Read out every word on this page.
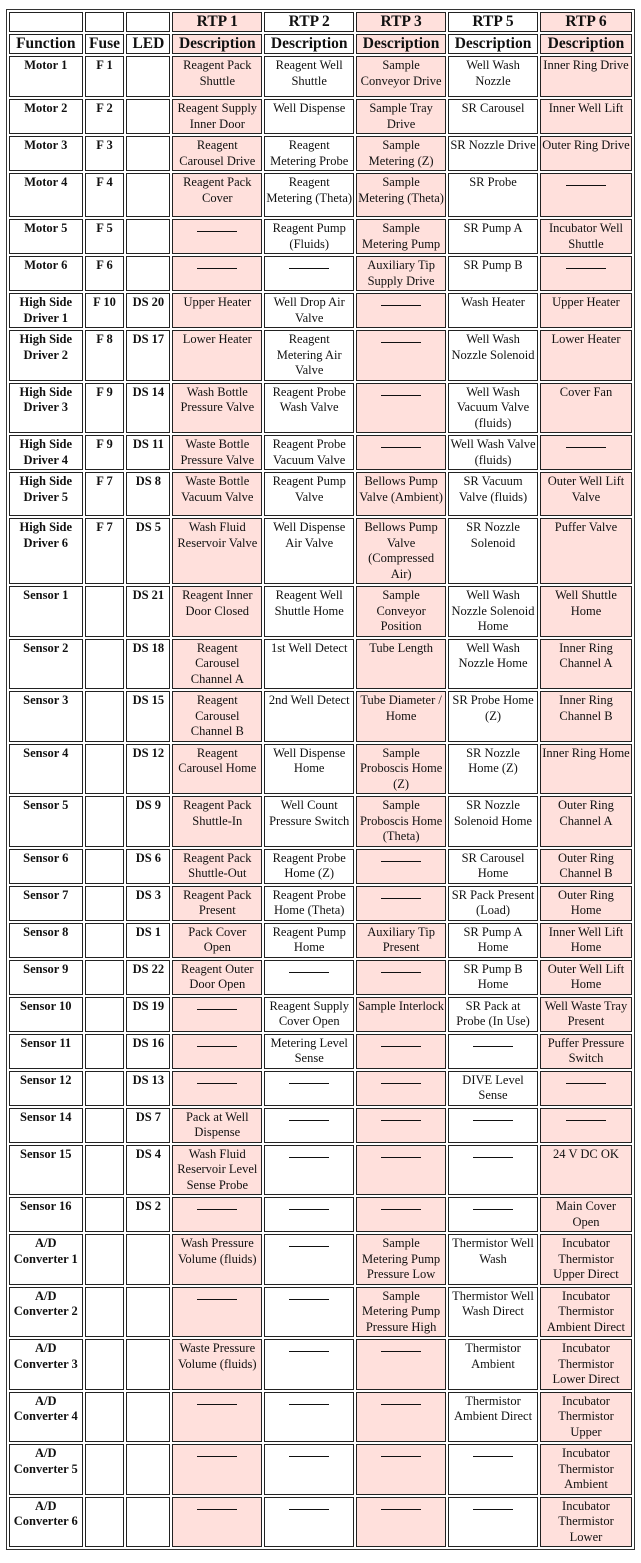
			RTP 1	RTP 2	RTP 3	RTP 5	RTP 6
Function	Fuse	LED	Description	Description	Description	Description	Description
Motor 1	F 1		Reagent Pack Shuttle	Reagent Well Shuttle	Sample Conveyor Drive	Well Wash Nozzle	Inner Ring Drive
Motor 2	F 2		Reagent Supply Inner Door	Well Dispense	Sample Tray Drive	SR Carousel	Inner Well Lift
Motor 3	F 3		Reagent Carousel Drive	Reagent Metering Probe	Sample Metering (Z)	SR Nozzle Drive	Outer Ring Drive
Motor 4	F 4		Reagent Pack Cover	Reagent Metering (Theta)	Sample Metering (Theta)	SR Probe	
Motor 5	F 5			Reagent Pump (Fluids)	Sample Metering Pump	SR Pump A	Incubator Well Shuttle
Motor 6	F 6				Auxiliary Tip Supply Drive	SR Pump B	
High Side Driver 1	F 10	DS 20	Upper Heater	Well Drop Air Valve		Wash Heater	Upper Heater
High Side Driver 2	F 8	DS 17	Lower Heater	Reagent Metering Air Valve		Well Wash Nozzle Solenoid	Lower Heater
High Side Driver 3	F 9	DS 14	Wash Bottle Pressure Valve	Reagent Probe Wash Valve		Well Wash Vacuum Valve (fluids)	Cover Fan
High Side Driver 4	F 9	DS 11	Waste Bottle Pressure Valve	Reagent Probe Vacuum Valve		Well Wash Valve (fluids)	
High Side Driver 5	F 7	DS 8	Waste Bottle Vacuum Valve	Reagent Pump Valve	Bellows Pump Valve (Ambient)	SR Vacuum Valve (fluids)	Outer Well Lift Valve
High Side Driver 6	F 7	DS 5	Wash Fluid Reservoir Valve	Well Dispense Air Valve	Bellows Pump Valve (Compressed Air)	SR Nozzle Solenoid	Puffer Valve
Sensor 1		DS 21	Reagent Inner Door Closed	Reagent Well Shuttle Home	Sample Conveyor Position	Well Wash Nozzle Solenoid Home	Well Shuttle Home
Sensor 2		DS 18	Reagent Carousel Channel A	1st Well Detect	Tube Length	Well Wash Nozzle Home	Inner Ring Channel A
Sensor 3		DS 15	Reagent Carousel Channel B	2nd Well Detect	Tube Diameter / Home	SR Probe Home (Z)	Inner Ring Channel B
Sensor 4		DS 12	Reagent Carousel Home	Well Dispense Home	Sample Proboscis Home (Z)	SR Nozzle Home (Z)	Inner Ring Home
Sensor 5		DS 9	Reagent Pack Shuttle-In	Well Count Pressure Switch	Sample Proboscis Home (Theta)	SR Nozzle Solenoid Home	Outer Ring Channel A
Sensor 6		DS 6	Reagent Pack Shuttle-Out	Reagent Probe Home (Z)		SR Carousel Home	Outer Ring Channel B
Sensor 7		DS 3	Reagent Pack Present	Reagent Probe Home (Theta)		SR Pack Present (Load)	Outer Ring Home
Sensor 8		DS 1	Pack Cover Open	Reagent Pump Home	Auxiliary Tip Present	SR Pump A Home	Inner Well Lift Home
Sensor 9		DS 22	Reagent Outer Door Open			SR Pump B Home	Outer Well Lift Home
Sensor 10		DS 19		Reagent Supply Cover Open	Sample Interlock	SR Pack at Probe (In Use)	Well Waste Tray Present
Sensor 11		DS 16		Metering Level Sense			Puffer Pressure Switch
Sensor 12		DS 13				DIVE Level Sense	
Sensor 14		DS 7	Pack at Well Dispense				
Sensor 15		DS 4	Wash Fluid Reservoir Level Sense Probe				24 V DC OK
Sensor 16		DS 2					Main Cover Open
A/D Converter 1			Wash Pressure Volume (fluids)		Sample Metering Pump Pressure Low	Thermistor Well Wash	Incubator Thermistor Upper Direct
A/D Converter 2					Sample Metering Pump Pressure High	Thermistor Well Wash Direct	Incubator Thermistor Ambient Direct
A/D Converter 3			Waste Pressure Volume (fluids)			Thermistor Ambient	Incubator Thermistor Lower Direct
A/D Converter 4						Thermistor Ambient Direct	Incubator Thermistor Upper
A/D Converter 5							Incubator Thermistor Ambient
A/D Converter 6							Incubator Thermistor Lower
